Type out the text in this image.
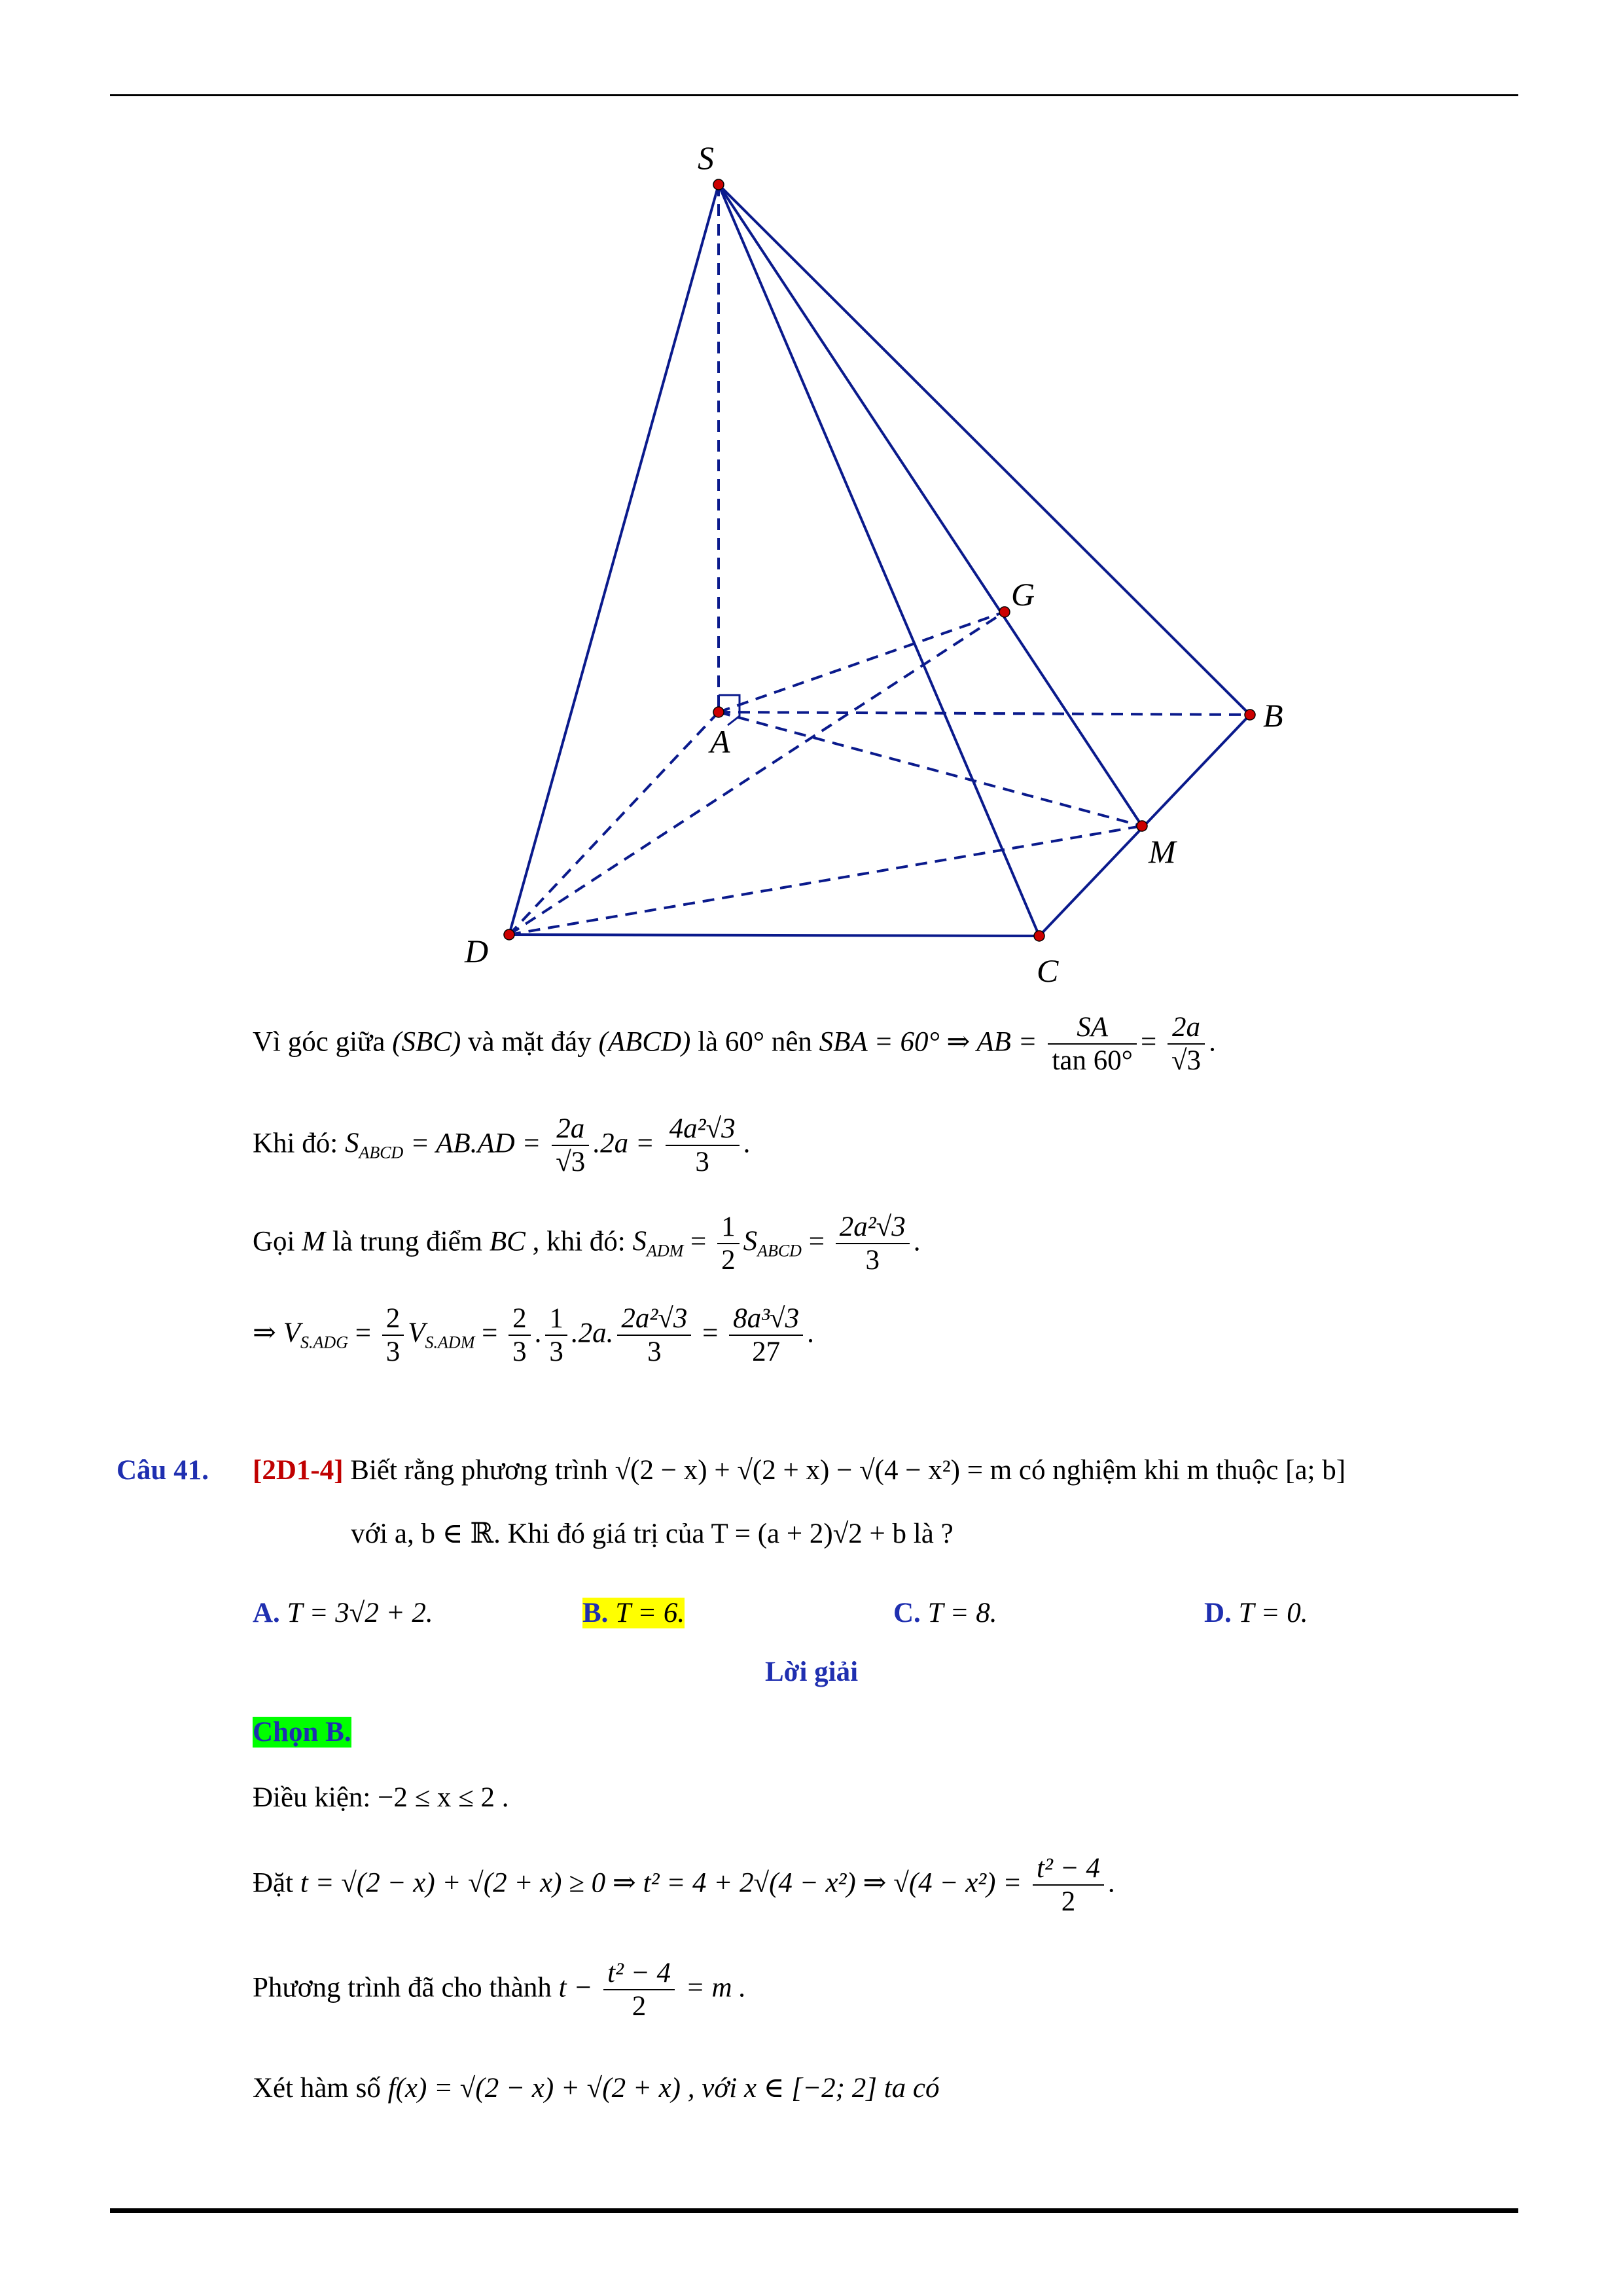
S
A
B
C
D
M
G
Vì góc giữa (SBC) và mặt đáy (ABCD) là 60° nên SBA = 60° ⇒ AB = $\frac{SA}{\tan 60^\circ} = \frac{2a}{√3}$ .
Khi đó: $S_{ABCD} = AB.AD = \frac{2a}{√3} .2a = \frac{\text{4a²√3}}{3}$ .
Gọi M là trung điểm BC , khi đó: $S_{ADM} = \frac{1}{2} S_{ABCD} = \frac{\text{2a²√3}}{3}$ .
⇒ $V_{S.ADG} = \frac{2}{3} V_{S.ADM} = \frac{2}{3}$ . $\frac{1}{3} .2a$. $\frac{\text{2a²√3}}{3} = \frac{\text{8a³√3}}{27}$ .
Câu 41. [2D1-4] Biết rằng phương trình √(2 − x) + √(2 + x) − √(4 − x²) = m có nghiệm khi m thuộc [a; b]
với a, b ∈ ℝ. Khi đó giá trị của T = (a + 2)√2 + b là ?
A. T = 3√2 + 2.	B. T = 6.	C. T = 8.	D. T = 0.
Lời giải
Chọn B.
Điều kiện: −2 ≤ x ≤ 2 .
Đặt t = √(2 − x) + √(2 + x) ≥ 0 ⇒ t² = 4 + 2√(4 − x²) ⇒ $√(4 - x^2) = \frac{\text{t² − 4}}{2}$ .
Phương trình đã cho thành $t - \frac{\text{t² − 4}}{2} = m$ .
Xét hàm số f(x) = √(2 − x) + √(2 + x) , với x ∈ [−2; 2] ta có
